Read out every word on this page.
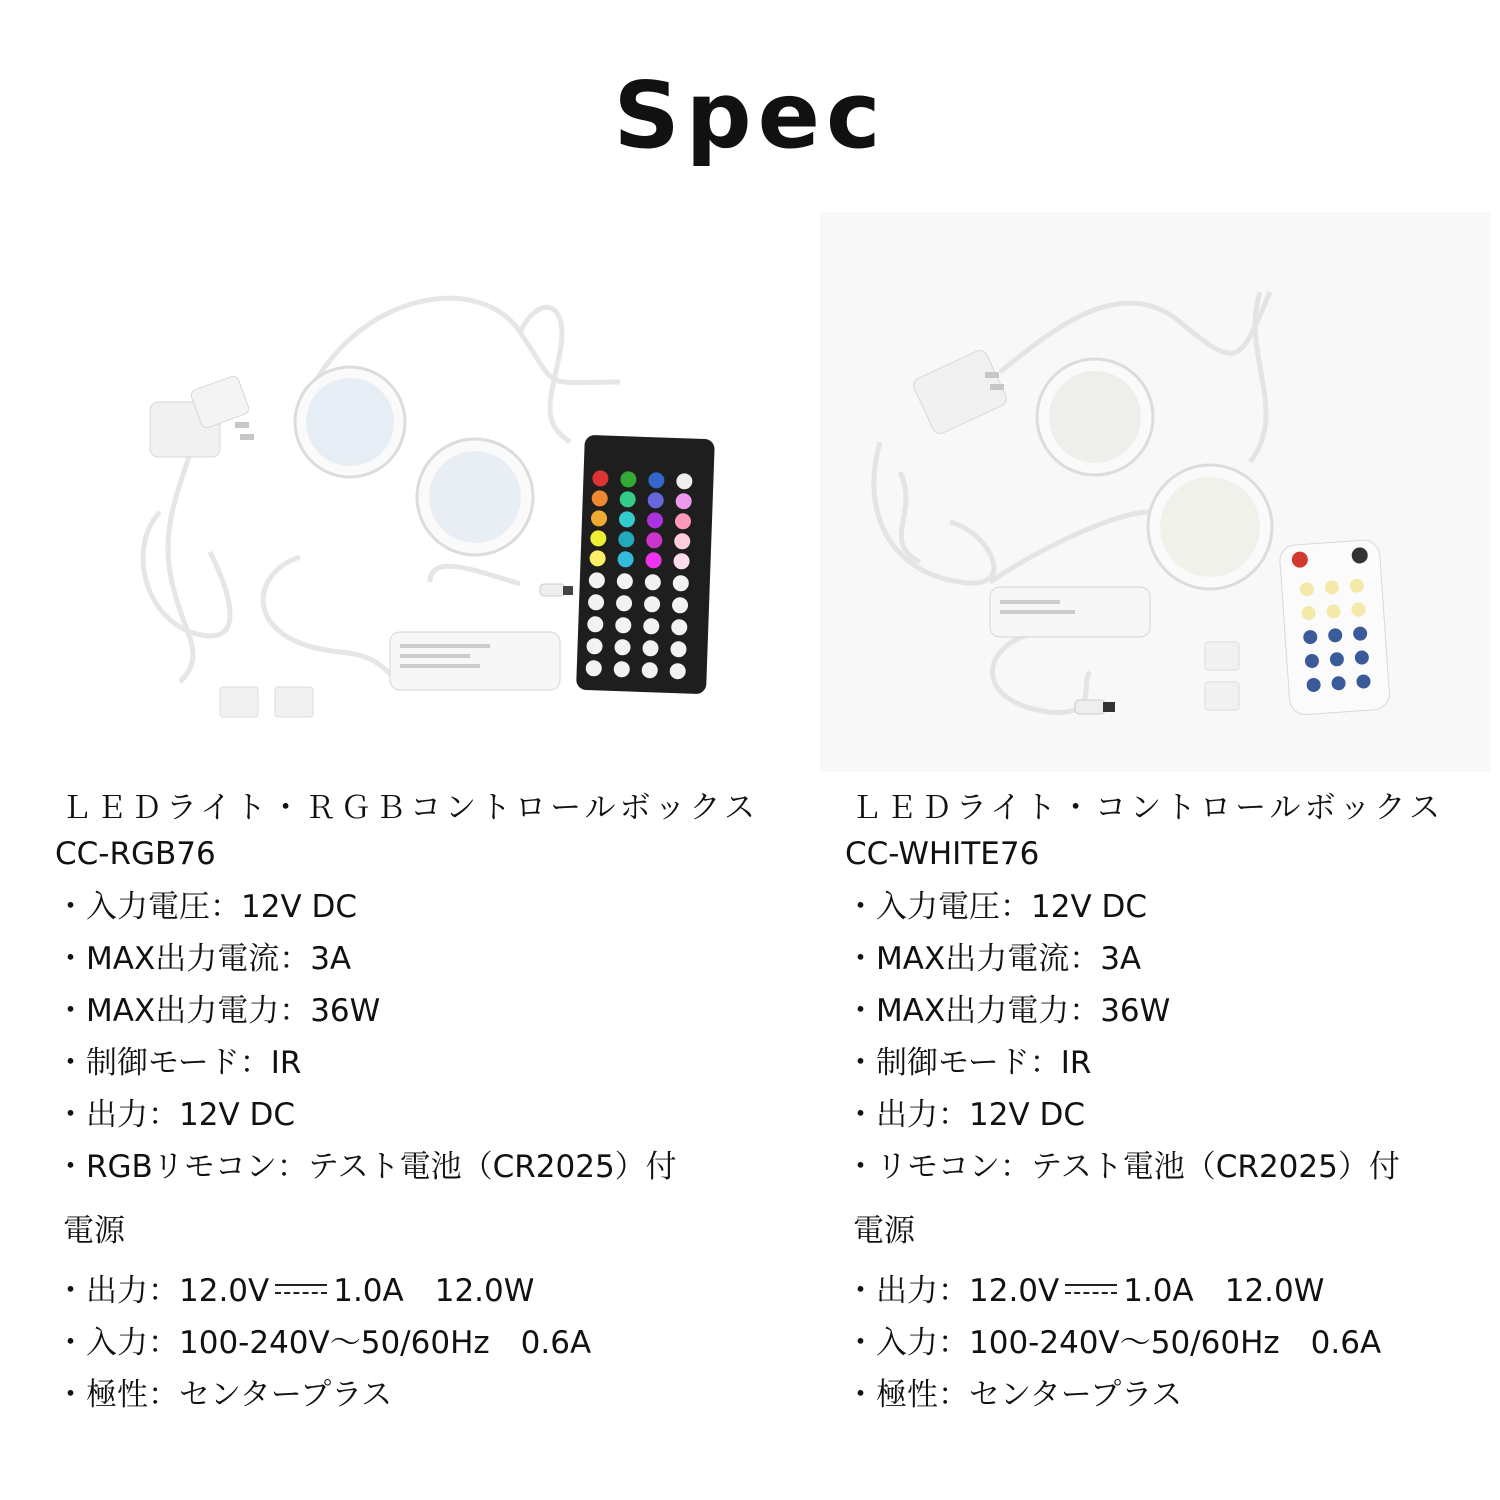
Spec
ＬＥＤライト・ＲＧＢコントロールボックス
CC-RGB76
・ 入力電圧：12V DC
・ MAX出力電流：3A
・ MAX出力電力：36W
・ 制御モード：IR
・ 出力：12V DC
・ RGBリモコン：テスト電池（CR2025）付
電源
・ 出力：12.0V 1.0A　12.0W
・ 入力：100-240V～50/60Hz　0.6A
・ 極性：センタープラス
ＬＥＤライト・コントロールボックス
CC-WHITE76
・ 入力電圧：12V DC
・ MAX出力電流：3A
・ MAX出力電力：36W
・ 制御モード：IR
・ 出力：12V DC
・ リモコン：テスト電池（CR2025）付
電源
・ 出力：12.0V 1.0A　12.0W
・ 入力：100-240V～50/60Hz　0.6A
・ 極性：センタープラス
